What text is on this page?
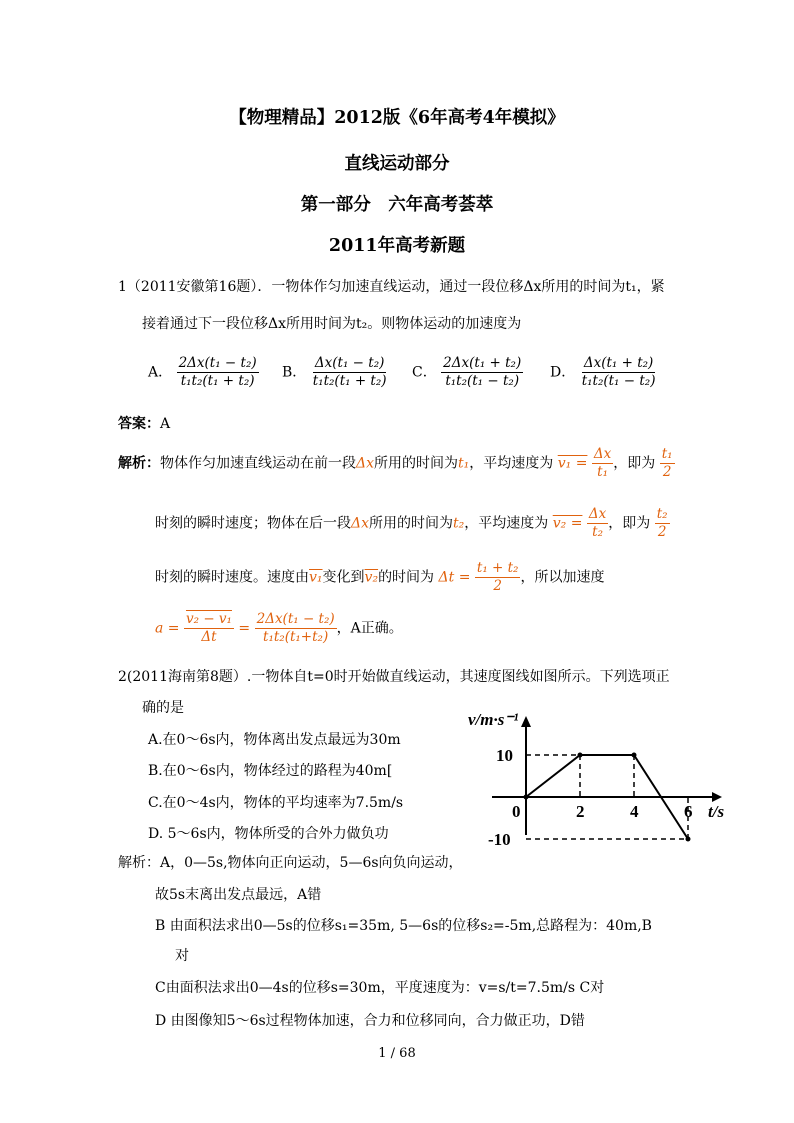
【物理精品】2012版《6年高考4年模拟》
直线运动部分
第一部分　六年高考荟萃
2011年高考新题
1（2011安徽第16题）．一物体作匀加速直线运动，通过一段位移Δx所用的时间为t₁，紧
接着通过下一段位移Δx所用时间为t₂。则物体运动的加速度为
A． $\frac{\text{2Δx(t₁ − t₂)}}{\text{t₁t₂(t₁ + t₂)}}$ B． $\frac{\text{Δx(t₁ − t₂)}}{\text{t₁t₂(t₁ + t₂)}}$ C． $\frac{\text{2Δx(t₁ + t₂)}}{\text{t₁t₂(t₁ − t₂)}}$ D． $\frac{\text{Δx(t₁ + t₂)}}{\text{t₁t₂(t₁ − t₂)}}$
答案：A
解析：物体作匀加速直线运动在前一段Δx所用的时间为t₁，平均速度为 $v_1 = \frac{\Delta x}{\text{t₁}}$ ，即为 $\frac{\text{t₁}}{2}$
时刻的瞬时速度；物体在后一段Δx所用的时间为t₂，平均速度为 $v_2 = \frac{\Delta x}{\text{t₂}}$ ，即为 $\frac{\text{t₂}}{2}$
时刻的瞬时速度。速度由v₁变化到v₂的时间为 $\Delta t = \frac{\text{t₁ + t₂}}{2}$ ，所以加速度
$a = \frac{\text{v₂ − v₁}}{\Delta t} = \frac{\text{2Δx(t₁ − t₂)}}{\text{t₁t₂(t₁+t₂)}}$ ，A正确。
2(2011海南第8题）.一物体自t=0时开始做直线运动，其速度图线如图所示。下列选项正
确的是
A.在0～6s内，物体离出发点最远为30m
B.在0～6s内，物体经过的路程为40m[
C.在0～4s内，物体的平均速率为7.5m/s
D. 5～6s内，物体所受的合外力做负功
0	2	4	6
10
-10
t/s
v/m·s⁻¹
解析：A，0—5s,物体向正向运动，5—6s向负向运动，
故5s末离出发点最远，A错
B 由面积法求出0—5s的位移s₁=35m, 5—6s的位移s₂=-5m,总路程为：40m,B
对
C由面积法求出0—4s的位移s=30m，平度速度为：v=s/t=7.5m/s C对
D 由图像知5～6s过程物体加速，合力和位移同向，合力做正功，D错
1 / 68
